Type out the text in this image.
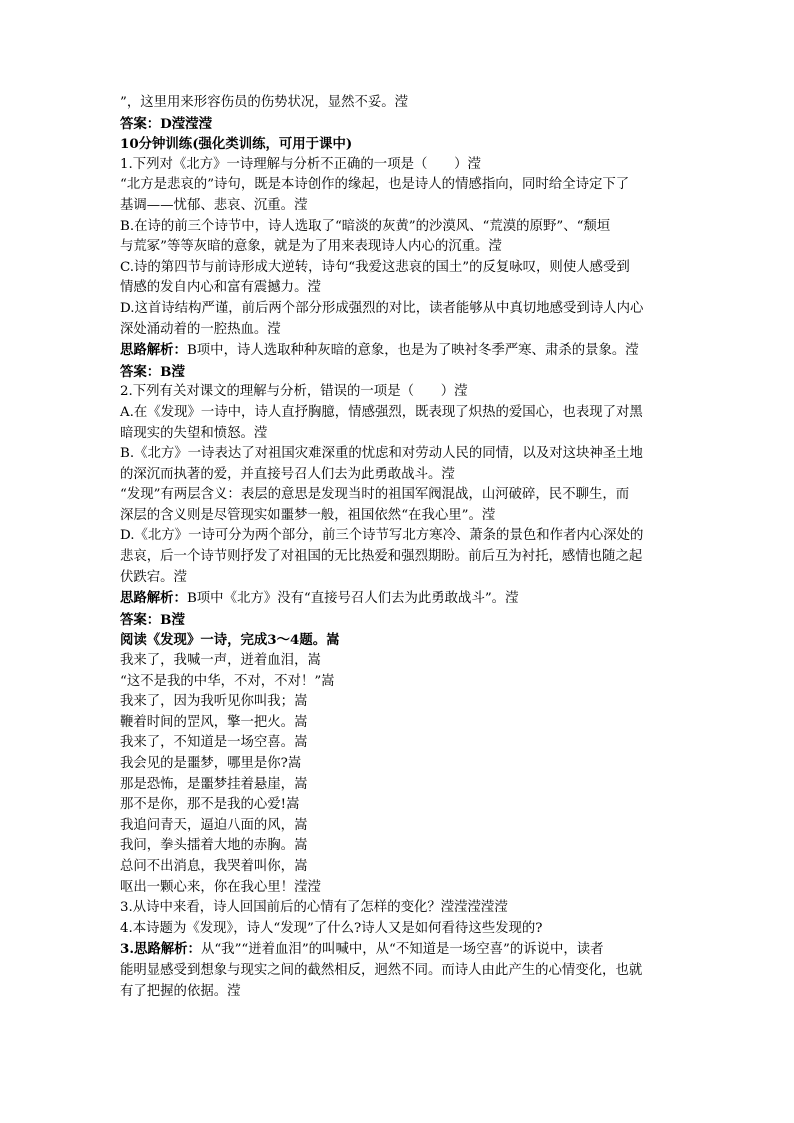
”，这里用来形容伤员的伤势状况，显然不妥。滢

答案：D滢滢滢

10分钟训练(强化类训练，可用于课中)

1.下列对《北方》一诗理解与分析不正确的一项是（　　）滢

“北方是悲哀的”诗句，既是本诗创作的缘起，也是诗人的情感指向，同时给全诗定下了

基调——忧郁、悲哀、沉重。滢

B.在诗的前三个诗节中，诗人选取了“暗淡的灰黄”的沙漠风、“荒漠的原野”、“颓垣

与荒冢”等等灰暗的意象，就是为了用来表现诗人内心的沉重。滢

C.诗的第四节与前诗形成大逆转，诗句“我爱这悲哀的国土”的反复咏叹，则使人感受到

情感的发自内心和富有震撼力。滢

D.这首诗结构严谨，前后两个部分形成强烈的对比，读者能够从中真切地感受到诗人内心

深处涌动着的一腔热血。滢

思路解析：B项中，诗人选取种种灰暗的意象，也是为了映衬冬季严寒、肃杀的景象。滢

答案：B滢

2.下列有关对课文的理解与分析，错误的一项是（　　）滢

A.在《发现》一诗中，诗人直抒胸臆，情感强烈，既表现了炽热的爱国心，也表现了对黑

暗现实的失望和愤怒。滢

B.《北方》一诗表达了对祖国灾难深重的忧虑和对劳动人民的同情，以及对这块神圣土地

的深沉而执著的爱，并直接号召人们去为此勇敢战斗。滢

“发现”有两层含义：表层的意思是发现当时的祖国军阀混战，山河破碎，民不聊生，而

深层的含义则是尽管现实如噩梦一般，祖国依然“在我心里”。滢

D.《北方》一诗可分为两个部分，前三个诗节写北方寒冷、萧条的景色和作者内心深处的

悲哀，后一个诗节则抒发了对祖国的无比热爱和强烈期盼。前后互为衬托，感情也随之起

伏跌宕。滢

思路解析：B项中《北方》没有“直接号召人们去为此勇敢战斗”。滢

答案：B滢

阅读《发现》一诗，完成3～4题。嵩

我来了，我喊一声，迸着血泪，嵩

“这不是我的中华，不对，不对！”嵩

我来了，因为我听见你叫我；嵩

鞭着时间的罡风，擎一把火。嵩

我来了，不知道是一场空喜。嵩

我会见的是噩梦，哪里是你?嵩

那是恐怖，是噩梦挂着悬崖，嵩

那不是你，那不是我的心爱!嵩

我追问青天，逼迫八面的风，嵩

我问，拳头擂着大地的赤胸。嵩

总问不出消息，我哭着叫你，嵩

呕出一颗心来，你在我心里！滢滢

3.从诗中来看，诗人回国前后的心情有了怎样的变化？滢滢滢滢滢

4.本诗题为《发现》，诗人“发现”了什么?诗人又是如何看待这些发现的?

3.思路解析：从“我”“迸着血泪”的叫喊中，从“不知道是一场空喜”的诉说中，读者

能明显感受到想象与现实之间的截然相反，迥然不同。而诗人由此产生的心情变化，也就

有了把握的依据。滢
